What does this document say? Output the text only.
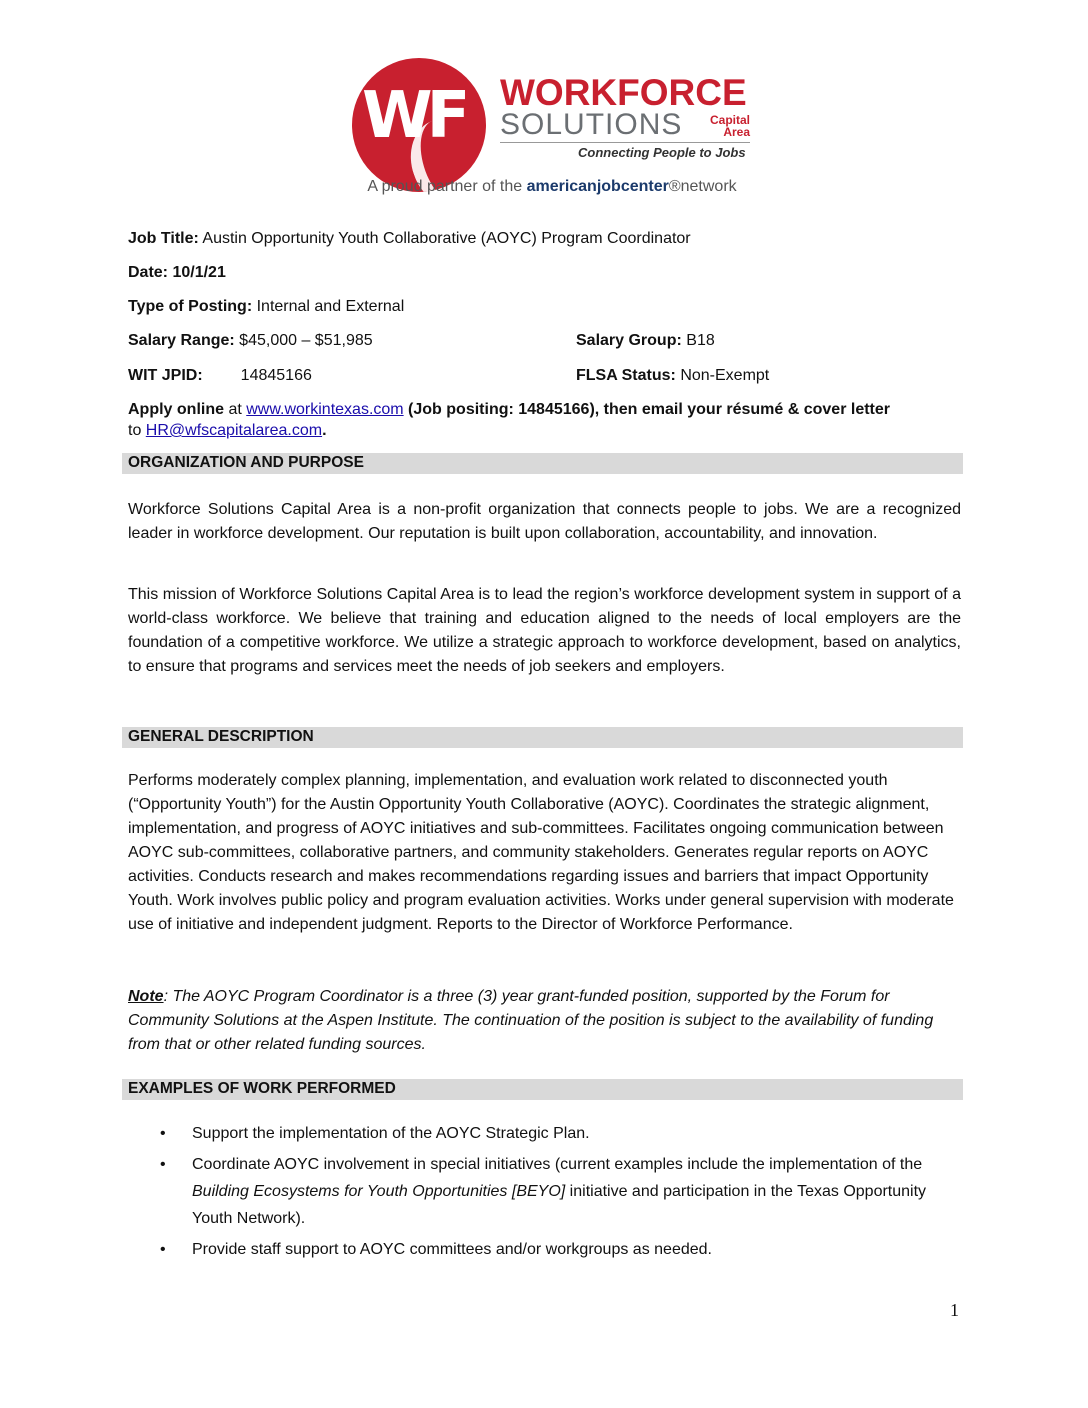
WF WORKFORCE
SOLUTIONS	Capital
Area
Connecting People to Jobs
A proud partner of the americanjobcenter®network
Job Title: Austin Opportunity Youth Collaborative (AOYC) Program Coordinator
Date: 10/1/21
Type of Posting: Internal and External
Salary Range: $45,000 – $51,985	Salary Group: B18
WIT JPID: 14845166	FLSA Status: Non-Exempt
Apply online at www.workintexas.com (Job positing: 14845166), then email your résumé & cover letter
to HR@wfscapitalarea.com.
ORGANIZATION AND PURPOSE
Workforce Solutions Capital Area is a non-profit organization that connects people to jobs. We are a recognized leader in workforce development. Our reputation is built upon collaboration, accountability, and innovation.
This mission of Workforce Solutions Capital Area is to lead the region’s workforce development system in support of a world-class workforce. We believe that training and education aligned to the needs of local employers are the foundation of a competitive workforce. We utilize a strategic approach to workforce development, based on analytics, to ensure that programs and services meet the needs of job seekers and employers.
GENERAL DESCRIPTION
Performs moderately complex planning, implementation, and evaluation work related to disconnected youth (“Opportunity Youth”) for the Austin Opportunity Youth Collaborative (AOYC). Coordinates the strategic alignment, implementation, and progress of AOYC initiatives and sub-committees. Facilitates ongoing communication between AOYC sub-committees, collaborative partners, and community stakeholders. Generates regular reports on AOYC activities. Conducts research and makes recommendations regarding issues and barriers that impact Opportunity Youth. Work involves public policy and program evaluation activities. Works under general supervision with moderate use of initiative and independent judgment. Reports to the Director of Workforce Performance.
Note: The AOYC Program Coordinator is a three (3) year grant-funded position, supported by the Forum for Community Solutions at the Aspen Institute. The continuation of the position is subject to the availability of funding from that or other related funding sources.
EXAMPLES OF WORK PERFORMED
• Support the implementation of the AOYC Strategic Plan.
• Coordinate AOYC involvement in special initiatives (current examples include the implementation of the Building Ecosystems for Youth Opportunities [BEYO] initiative and participation in the Texas Opportunity Youth Network).
• Provide staff support to AOYC committees and/or workgroups as needed.
1
